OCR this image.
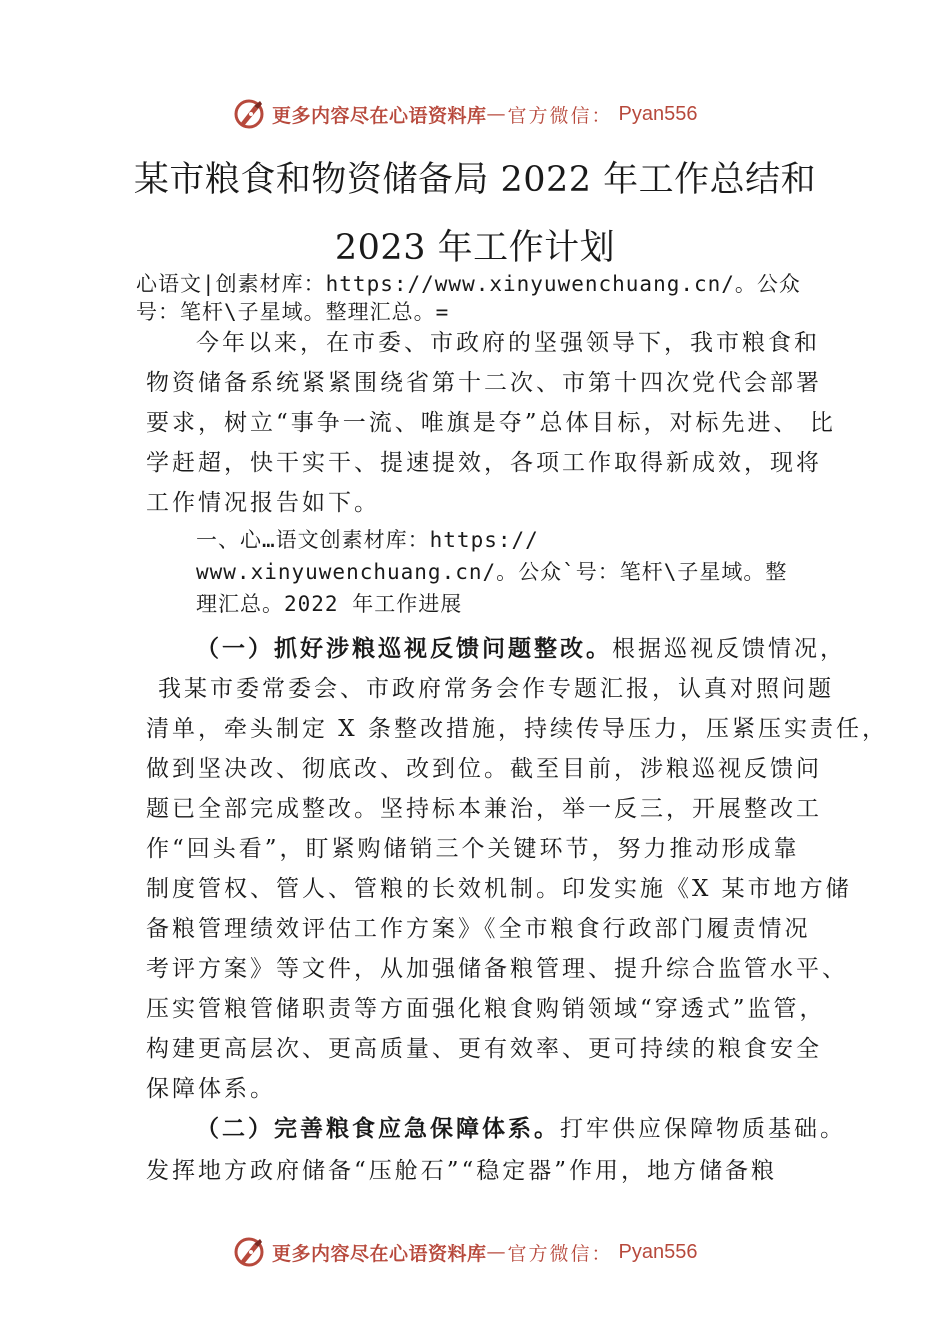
更多内容尽在心语资料库 — 官方微信： Pyan556
某市粮食和物资储备局 2022 年工作总结和
2023 年工作计划
心语文|创素材库：https://www.xinyuwenchuang.cn/。公众
号：笔杆\子星域。整理汇总。=
今年以来，在市委、市政府的坚强领导下，我市粮食和
物资储备系统紧紧围绕省第十二次、市第十四次党代会部署
要求，树立“事争一流、唯旗是夺”总体目标，对标先进、 比
学赶超，快干实干、提速提效，各项工作取得新成效，现将
工作情况报告如下。
一、心…语文创素材库：https://
www.xinyuwenchuang.cn/。公众`号：笔杆\子星域。整
理汇总。2022 年工作进展
（一）抓好涉粮巡视反馈问题整改。根据巡视反馈情况，
我某市委常委会、市政府常务会作专题汇报，认真对照问题
清单，牵头制定 X 条整改措施，持续传导压力，压紧压实责任，
做到坚决改、彻底改、改到位。截至目前，涉粮巡视反馈问
题已全部完成整改。坚持标本兼治，举一反三，开展整改工
作“回头看”，盯紧购储销三个关键环节，努力推动形成靠
制度管权、管人、管粮的长效机制。印发实施《X 某市地方储
备粮管理绩效评估工作方案》《全市粮食行政部门履责情况
考评方案》等文件，从加强储备粮管理、提升综合监管水平、
压实管粮管储职责等方面强化粮食购销领域“穿透式”监管，
构建更高层次、更高质量、更有效率、更可持续的粮食安全
保障体系。
（二）完善粮食应急保障体系。打牢供应保障物质基础。
发挥地方政府储备“压舱石”“稳定器”作用，地方储备粮
更多内容尽在心语资料库 — 官方微信： Pyan556
